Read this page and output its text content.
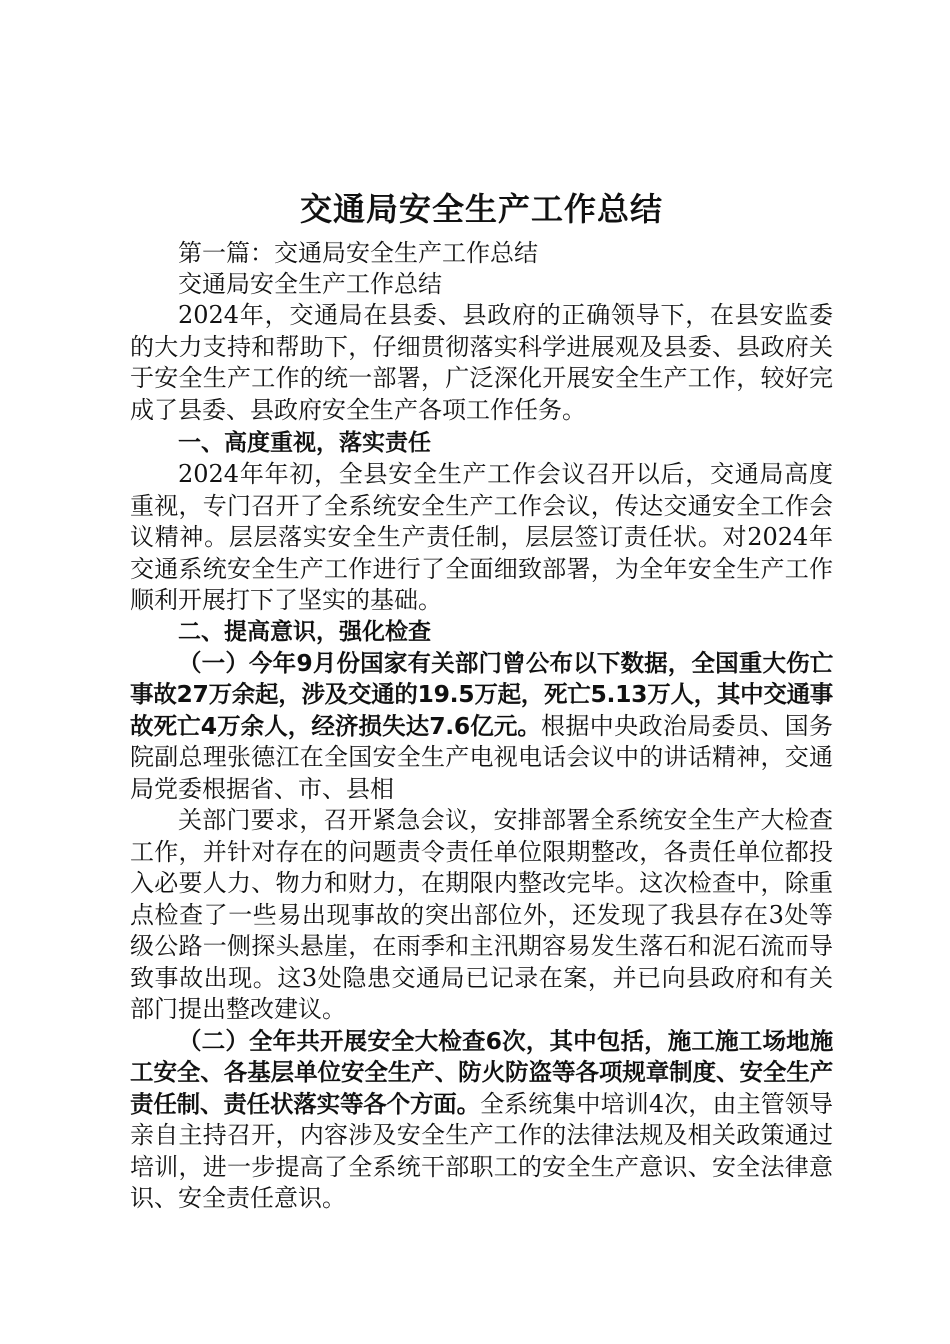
交通局安全生产工作总结

第一篇：交通局安全生产工作总结

交通局安全生产工作总结

2024年，交通局在县委、县政府的正确领导下，在县安监委的大力支持和帮助下，仔细贯彻落实科学进展观及县委、县政府关于安全生产工作的统一部署，广泛深化开展安全生产工作，较好完成了县委、县政府安全生产各项工作任务。

一、高度重视，落实责任

2024年年初，全县安全生产工作会议召开以后，交通局高度重视，专门召开了全系统安全生产工作会议，传达交通安全工作会议精神。层层落实安全生产责任制，层层签订责任状。对2024年交通系统安全生产工作进行了全面细致部署，为全年安全生产工作顺利开展打下了坚实的基础。

二、提高意识，强化检查

（一）今年9月份国家有关部门曾公布以下数据，全国重大伤亡事故27万余起，涉及交通的19.5万起，死亡5.13万人，其中交通事故死亡4万余人，经济损失达7.6亿元。根据中央政治局委员、国务院副总理张德江在全国安全生产电视电话会议中的讲话精神，交通局党委根据省、市、县相

关部门要求，召开紧急会议，安排部署全系统安全生产大检查工作，并针对存在的问题责令责任单位限期整改，各责任单位都投入必要人力、物力和财力，在期限内整改完毕。这次检查中，除重点检查了一些易出现事故的突出部位外，还发现了我县存在3处等级公路一侧探头悬崖，在雨季和主汛期容易发生落石和泥石流而导致事故出现。这3处隐患交通局已记录在案，并已向县政府和有关部门提出整改建议。

（二）全年共开展安全大检查6次，其中包括，施工施工场地施工安全、各基层单位安全生产、防火防盗等各项规章制度、安全生产责任制、责任状落实等各个方面。全系统集中培训4次，由主管领导亲自主持召开，内容涉及安全生产工作的法律法规及相关政策通过培训，进一步提高了全系统干部职工的安全生产意识、安全法律意识、安全责任意识。
